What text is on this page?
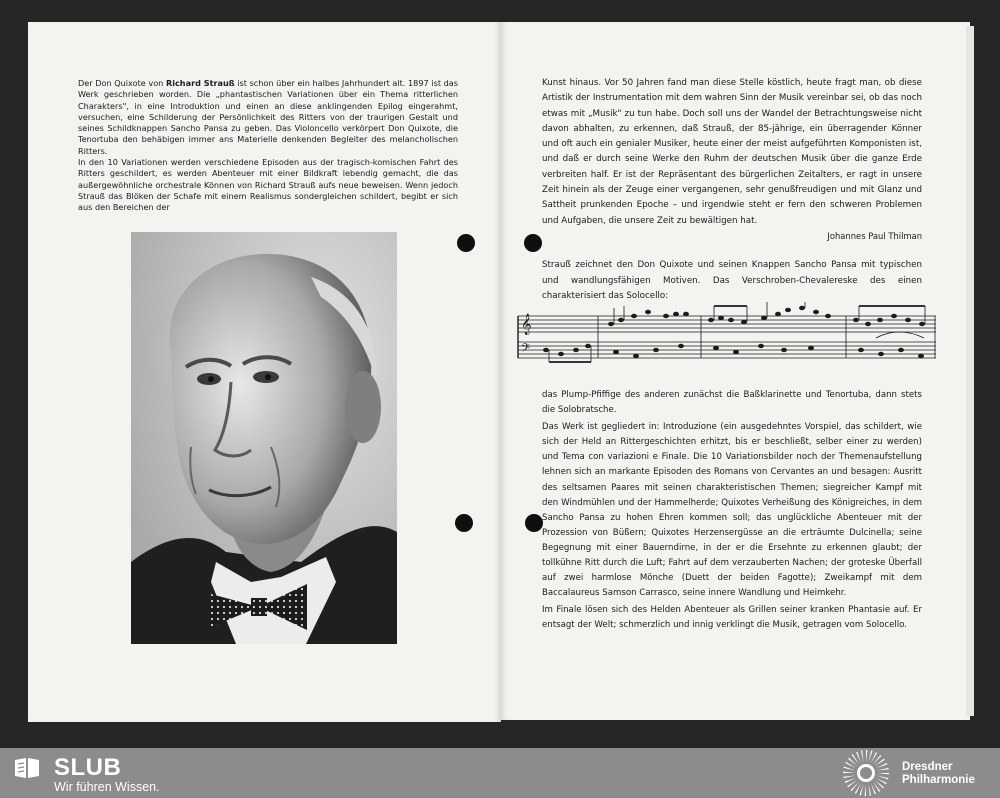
Der Don Quixote von Richard Strauß ist schon über ein halbes Jahrhundert alt. 1897 ist das Werk geschrieben worden. Die „phantastischen Variationen über ein Thema ritterlichen Charakters", in eine Introduktion und einen an diese anklingenden Epilog eingerahmt, versuchen, eine Schilderung der Persönlichkeit des Ritters von der traurigen Gestalt und seines Schildknappen Sancho Pansa zu geben. Das Violoncello verkörpert Don Quixote, die Tenortuba den behäbigen immer ans Materielle denkenden Begleiter des melancholischen Ritters.

In den 10 Variationen werden verschiedene Episoden aus der tragisch-komischen Fahrt des Ritters geschildert, es werden Abenteuer mit einer Bildkraft lebendig gemacht, die das außergewöhnliche orchestrale Können von Richard Strauß aufs neue beweisen. Wenn jedoch Strauß das Blöken der Schafe mit einem Realismus sondergleichen schildert, begibt er sich aus den Bereichen der

Kunst hinaus. Vor 50 Jahren fand man diese Stelle köstlich, heute fragt man, ob diese Artistik der Instrumentation mit dem wahren Sinn der Musik vereinbar sei, ob das noch etwas mit „Musik" zu tun habe. Doch soll uns der Wandel der Betrachtungsweise nicht davon abhalten, zu erkennen, daß Strauß, der 85-jährige, ein überragender Könner und oft auch ein genialer Musiker, heute einer der meist aufgeführten Komponisten ist, und daß er durch seine Werke den Ruhm der deutschen Musik über die ganze Erde verbreiten half. Er ist der Repräsentant des bürgerlichen Zeitalters, er ragt in unsere Zeit hinein als der Zeuge einer vergangenen, sehr genußfreudigen und mit Glanz und Sattheit prunkenden Epoche – und irgendwie steht er fern den schweren Problemen und Aufgaben, die unsere Zeit zu bewältigen hat.

Johannes Paul Thilman

Strauß zeichnet den Don Quixote und seinen Knappen Sancho Pansa mit typischen und wandlungsfähigen Motiven. Das Verschroben-Chevalereske des einen charakterisiert das Solocello:

𝄞
𝄢

das Plump-Pfiffige des anderen zunächst die Baßklarinette und Tenortuba, dann stets die Solobratsche.

Das Werk ist gegliedert in: Introduzione (ein ausgedehntes Vorspiel, das schildert, wie sich der Held an Rittergeschichten erhitzt, bis er beschließt, selber einer zu werden) und Tema con variazioni e Finale. Die 10 Variationsbilder noch der Themenaufstellung lehnen sich an markante Episoden des Romans von Cervantes an und besagen: Ausritt des seltsamen Paares mit seinen charakteristischen Themen; siegreicher Kampf mit den Windmühlen und der Hammelherde; Quixotes Verheißung des Königreiches, in dem Sancho Pansa zu hohen Ehren kommen soll; das unglückliche Abenteuer mit der Prozession von Büßern; Quixotes Herzensergüsse an die erträumte Dulcinella; seine Begegnung mit einer Bauerndirne, in der er die Ersehnte zu erkennen glaubt; der tollkühne Ritt durch die Luft; Fahrt auf dem verzauberten Nachen; der groteske Überfall auf zwei harmlose Mönche (Duett der beiden Fagotte); Zweikampf mit dem Baccalaureus Samson Carrasco, seine innere Wandlung und Heimkehr.

Im Finale lösen sich des Helden Abenteuer als Grillen seiner kranken Phantasie auf. Er entsagt der Welt; schmerzlich und innig verklingt die Musik, getragen vom Solocello.

SLUB
Wir führen Wissen.
Dresdner
Philharmonie
